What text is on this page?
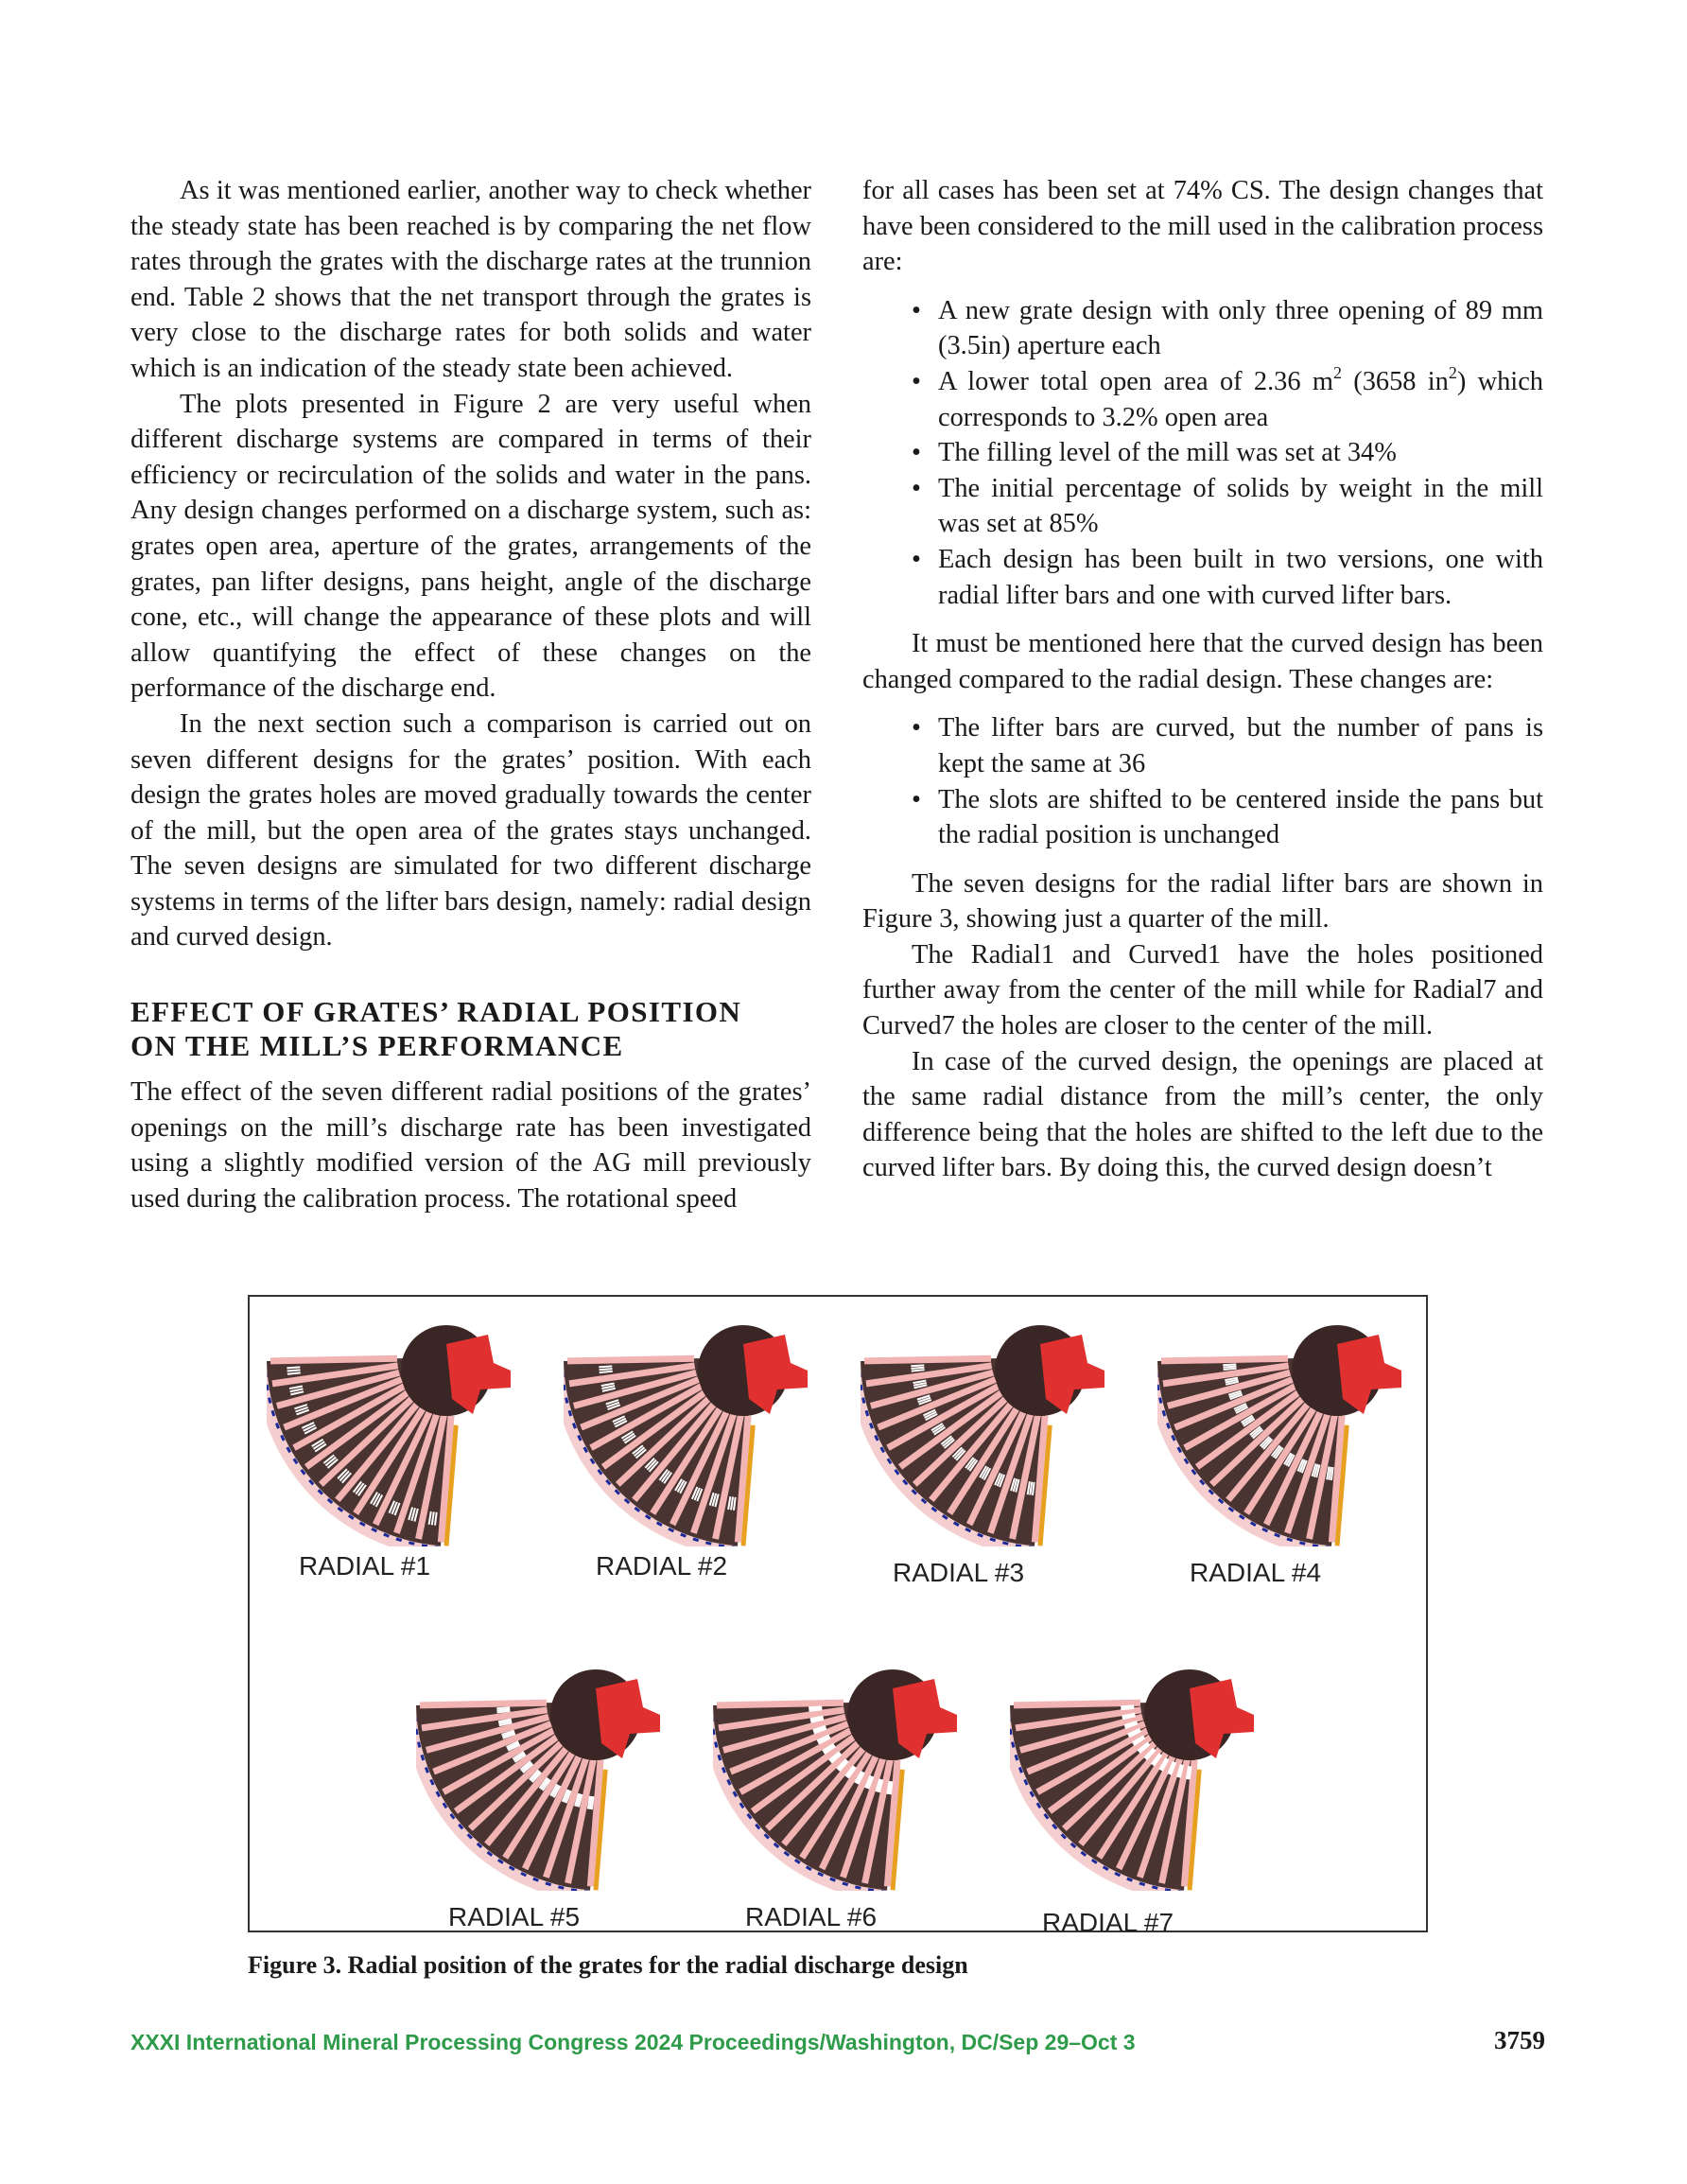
As it was mentioned earlier, another way to check whether the steady state has been reached is by comparing the net flow rates through the grates with the discharge rates at the trunnion end. Table 2 shows that the net transport through the grates is very close to the discharge rates for both solids and water which is an indication of the steady state been achieved.

The plots presented in Figure 2 are very useful when different discharge systems are compared in terms of their efficiency or recirculation of the solids and water in the pans. Any design changes performed on a discharge system, such as: grates open area, aperture of the grates, arrangements of the grates, pan lifter designs, pans height, angle of the discharge cone, etc., will change the appearance of these plots and will allow quantifying the effect of these changes on the performance of the discharge end.

In the next section such a comparison is carried out on seven different designs for the grates’ position. With each design the grates holes are moved gradually towards the center of the mill, but the open area of the grates stays unchanged. The seven designs are simulated for two different discharge systems in terms of the lifter bars design, namely: radial design and curved design.

EFFECT OF GRATES’ RADIAL POSITION
ON THE MILL’S PERFORMANCE

The effect of the seven different radial positions of the grates’ openings on the mill’s discharge rate has been investigated using a slightly modified version of the AG mill previously used during the calibration process. The rotational speed

for all cases has been set at 74% CS. The design changes that have been considered to the mill used in the calibration process are:

• A new grate design with only three opening of 89 mm (3.5in) aperture each
• A lower total open area of 2.36 $m^2$ (3658 $in^2$) which corresponds to 3.2% open area
• The filling level of the mill was set at 34%
• The initial percentage of solids by weight in the mill was set at 85%
• Each design has been built in two versions, one with radial lifter bars and one with curved lifter bars.

It must be mentioned here that the curved design has been changed compared to the radial design. These changes are:

• The lifter bars are curved, but the number of pans is kept the same at 36
• The slots are shifted to be centered inside the pans but the radial position is unchanged

The seven designs for the radial lifter bars are shown in Figure 3, showing just a quarter of the mill.

The Radial1 and Curved1 have the holes positioned further away from the center of the mill while for Radial7 and Curved7 the holes are closer to the center of the mill.

In case of the curved design, the openings are placed at the same radial distance from the mill’s center, the only difference being that the holes are shifted to the left due to the curved lifter bars. By doing this, the curved design doesn’t

RADIAL #1	RADIAL #2	RADIAL #3	RADIAL #4
RADIAL #5	RADIAL #6	RADIAL #7
Figure 3. Radial position of the grates for the radial discharge design
XXXI International Mineral Processing Congress 2024 Proceedings/Washington, DC/Sep 29–Oct 3	3759
